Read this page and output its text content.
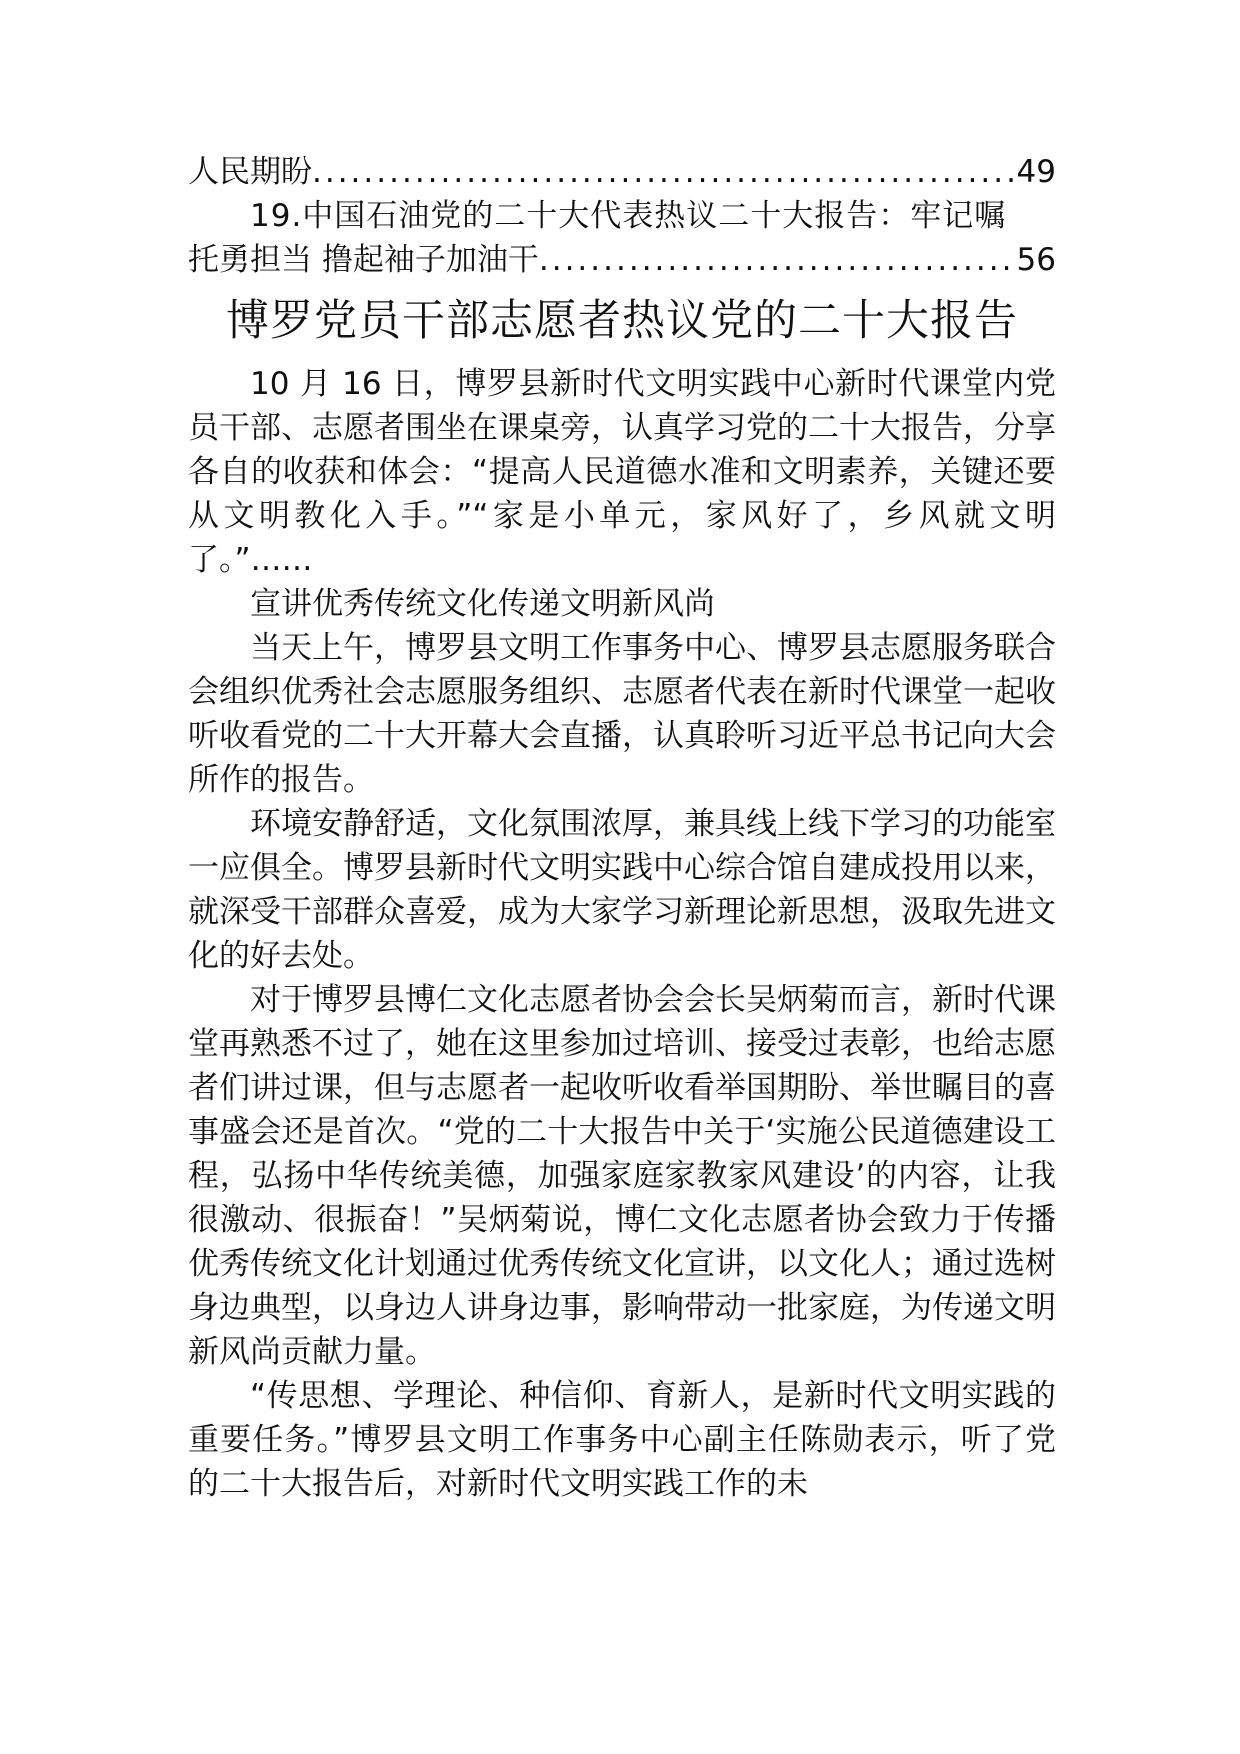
人民期盼 .....	49
19.中国石油党的二十大代表热议二十大报告：牢记嘱
托勇担当 撸起袖子加油干 .....	56
博罗党员干部志愿者热议党的二十大报告

10 月 16 日，博罗县新时代文明实践中心新时代课堂内党员干部、志愿者围坐在课桌旁，认真学习党的二十大报告，分享各自的收获和体会：“提高人民道德水准和文明素养，关键还要从文明教化入手。”“家是小单元，家风好了，乡风就文明了。”……

宣讲优秀传统文化传递文明新风尚

当天上午，博罗县文明工作事务中心、博罗县志愿服务联合会组织优秀社会志愿服务组织、志愿者代表在新时代课堂一起收听收看党的二十大开幕大会直播，认真聆听习近平总书记向大会所作的报告。

环境安静舒适，文化氛围浓厚，兼具线上线下学习的功能室一应俱全。博罗县新时代文明实践中心综合馆自建成投用以来，就深受干部群众喜爱，成为大家学习新理论新思想，汲取先进文化的好去处。

对于博罗县博仁文化志愿者协会会长吴炳菊而言，新时代课堂再熟悉不过了，她在这里参加过培训、接受过表彰，也给志愿者们讲过课，但与志愿者一起收听收看举国期盼、举世瞩目的喜事盛会还是首次。“党的二十大报告中关于‘实施公民道德建设工程，弘扬中华传统美德，加强家庭家教家风建设’的内容，让我很激动、很振奋！”吴炳菊说，博仁文化志愿者协会致力于传播优秀传统文化计划通过优秀传统文化宣讲，以文化人；通过选树身边典型，以身边人讲身边事，影响带动一批家庭，为传递文明新风尚贡献力量。

“传思想、学理论、种信仰、育新人，是新时代文明实践的重要任务。”博罗县文明工作事务中心副主任陈勋表示，听了党的二十大报告后，对新时代文明实践工作的未
